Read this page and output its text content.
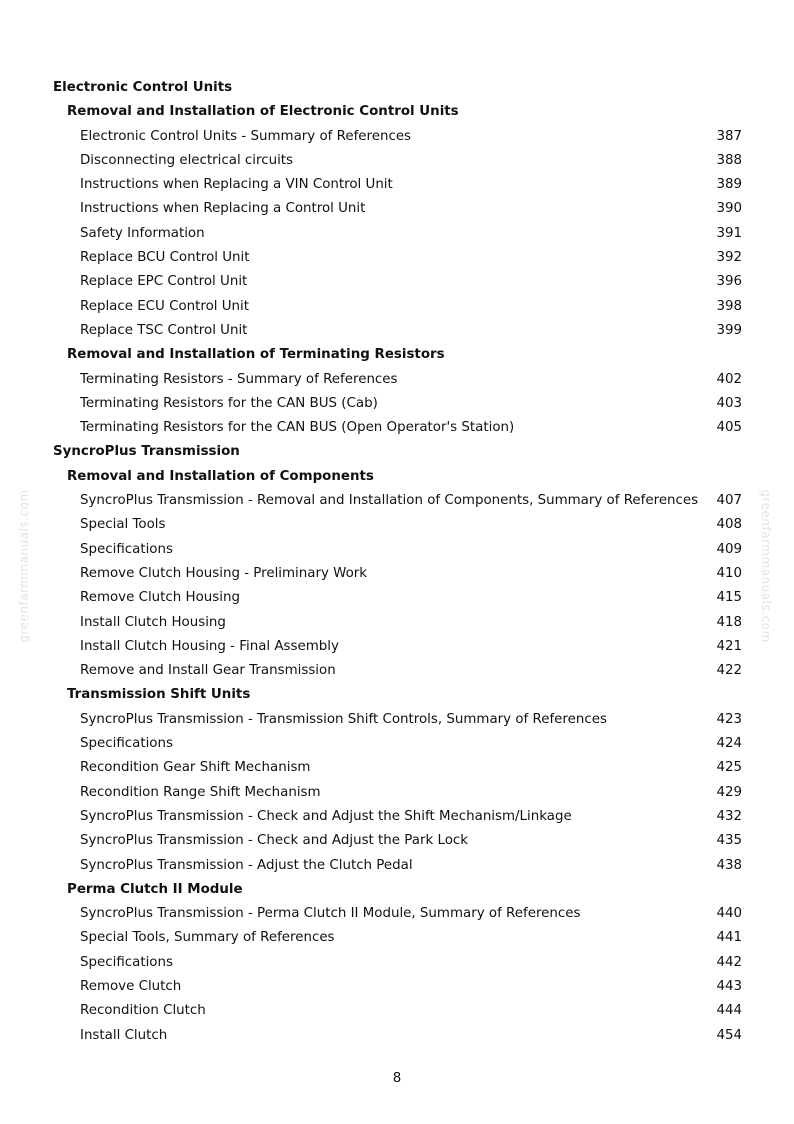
Electronic Control Units
Removal and Installation of Electronic Control Units
Electronic Control Units - Summary of References	387
Disconnecting electrical circuits	388
Instructions when Replacing a VIN Control Unit	389
Instructions when Replacing a Control Unit	390
Safety Information	391
Replace BCU Control Unit	392
Replace EPC Control Unit	396
Replace ECU Control Unit	398
Replace TSC Control Unit	399
Removal and Installation of Terminating Resistors
Terminating Resistors - Summary of References	402
Terminating Resistors for the CAN BUS (Cab)	403
Terminating Resistors for the CAN BUS (Open Operator's Station)	405
SyncroPlus Transmission
Removal and Installation of Components
SyncroPlus Transmission - Removal and Installation of Components, Summary of References 407
Special Tools	408
Specifications	409
Remove Clutch Housing - Preliminary Work	410
Remove Clutch Housing	415
Install Clutch Housing	418
Install Clutch Housing - Final Assembly	421
Remove and Install Gear Transmission	422
Transmission Shift Units
SyncroPlus Transmission - Transmission Shift Controls, Summary of References	423
Specifications	424
Recondition Gear Shift Mechanism	425
Recondition Range Shift Mechanism	429
SyncroPlus Transmission - Check and Adjust the Shift Mechanism/Linkage	432
SyncroPlus Transmission - Check and Adjust the Park Lock	435
SyncroPlus Transmission - Adjust the Clutch Pedal	438
Perma Clutch II Module
SyncroPlus Transmission - Perma Clutch II Module, Summary of References	440
Special Tools, Summary of References	441
Specifications	442
Remove Clutch	443
Recondition Clutch	444
Install Clutch	454
greenfarmmanuals.com	greenfarmmanuals.com
8
